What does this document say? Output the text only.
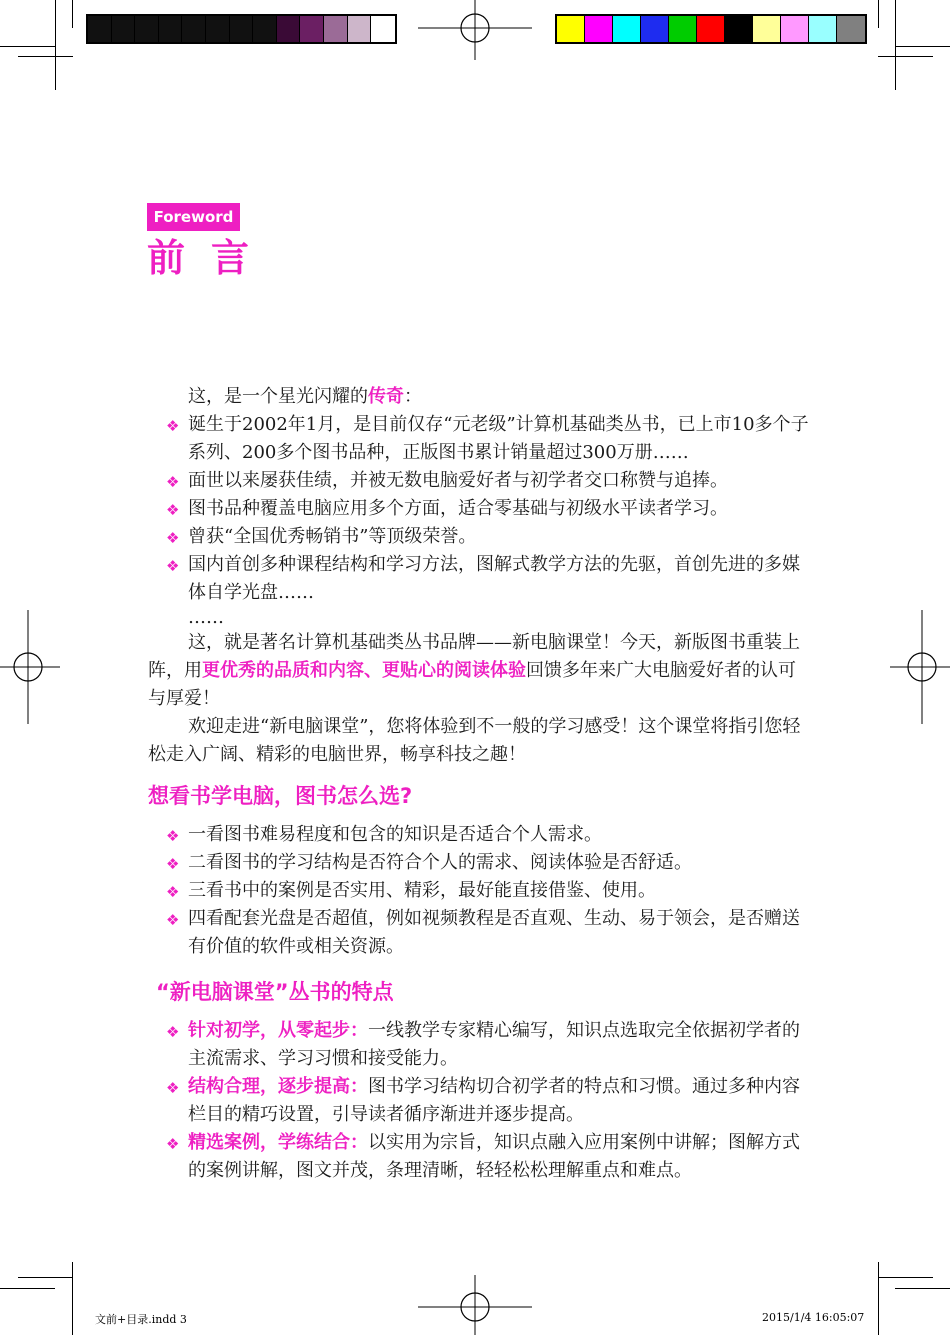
Foreword
前言

这，是一个星光闪耀的传奇：

❖ 诞生于2002年1月，是目前仅存“元老级”计算机基础类丛书，已上市10多个子系列、200多个图书品种，正版图书累计销量超过300万册……

❖ 面世以来屡获佳绩，并被无数电脑爱好者与初学者交口称赞与追捧。

❖ 图书品种覆盖电脑应用多个方面，适合零基础与初级水平读者学习。

❖ 曾获“全国优秀畅销书”等顶级荣誉。

❖ 国内首创多种课程结构和学习方法，图解式教学方法的先驱，首创先进的多媒体自学光盘……

……

这，就是著名计算机基础类丛书品牌——新电脑课堂！今天，新版图书重装上阵，用更优秀的品质和内容、更贴心的阅读体验回馈多年来广大电脑爱好者的认可与厚爱！

欢迎走进“新电脑课堂”，您将体验到不一般的学习感受！这个课堂将指引您轻松走入广阔、精彩的电脑世界，畅享科技之趣！

想看书学电脑，图书怎么选?

❖ 一看图书难易程度和包含的知识是否适合个人需求。

❖ 二看图书的学习结构是否符合个人的需求、阅读体验是否舒适。

❖ 三看书中的案例是否实用、精彩，最好能直接借鉴、使用。

❖ 四看配套光盘是否超值，例如视频教程是否直观、生动、易于领会，是否赠送有价值的软件或相关资源。

“新电脑课堂”丛书的特点

❖ 针对初学，从零起步：一线教学专家精心编写，知识点选取完全依据初学者的主流需求、学习习惯和接受能力。

❖ 结构合理，逐步提高：图书学习结构切合初学者的特点和习惯。通过多种内容栏目的精巧设置，引导读者循序渐进并逐步提高。

❖ 精选案例，学练结合：以实用为宗旨，知识点融入应用案例中讲解；图解方式的案例讲解，图文并茂，条理清晰，轻轻松松理解重点和难点。

文前+目录.indd 3	2015/1/4 16:05:07
